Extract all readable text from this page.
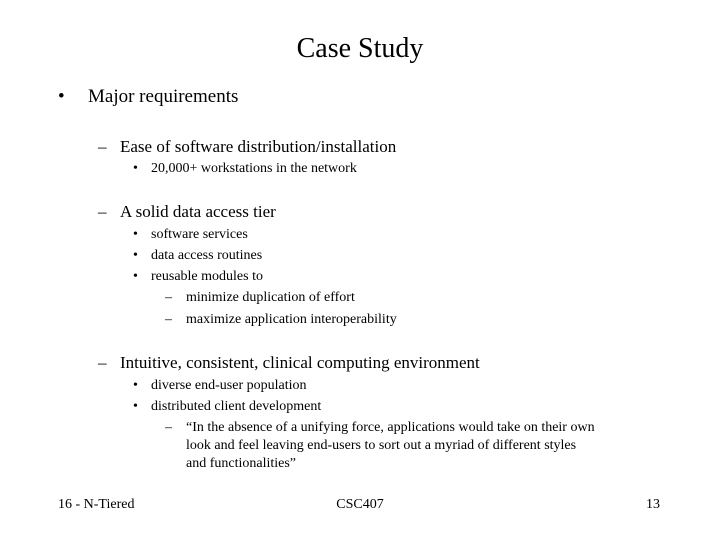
Case Study
• Major requirements
– Ease of software distribution/installation
• 20,000+ workstations in the network
– A solid data access tier
• software services
• data access routines
• reusable modules to
– minimize duplication of effort
– maximize application interoperability
– Intuitive, consistent, clinical computing environment
• diverse end-user population
• distributed client development
– “In the absence of a unifying force, applications would take on their own
look and feel leaving end-users to sort out a myriad of different styles
and functionalities”
16 - N-Tiered	CSC407	13
